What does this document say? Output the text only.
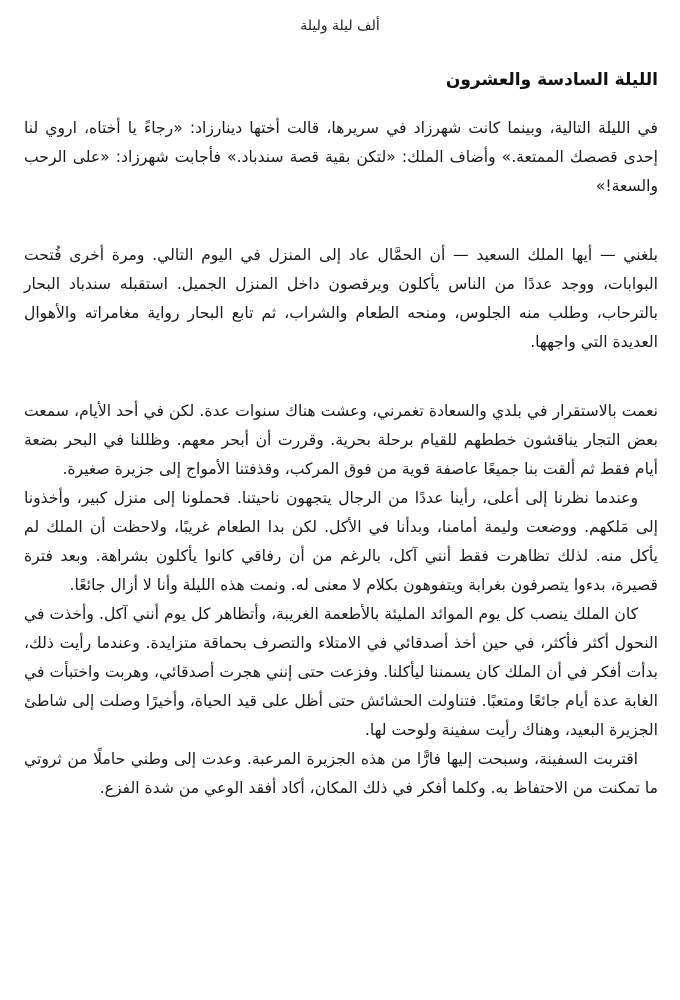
ألف ليلة وليلة
الليلة السادسة والعشرون

في الليلة التالية، وبينما كانت شهرزاد في سريرها، قالت أختها دينارزاد: «رجاءً يا أختاه، اروي لنا إحدى قصصك الممتعة.» وأضاف الملك: «لتكن بقية قصة سندباد.» فأجابت شهرزاد: «على الرحب والسعة!»

بلغني — أيها الملك السعيد — أن الحمَّال عاد إلى المنزل في اليوم التالي. ومرة أخرى فُتحت البوابات، ووجد عددًا من الناس يأكلون ويرقصون داخل المنزل الجميل. استقبله سندباد البحار بالترحاب، وطلب منه الجلوس، ومنحه الطعام والشراب، ثم تابع البحار رواية مغامراته والأهوال العديدة التي واجهها.

نعمت بالاستقرار في بلدي والسعادة تغمرني، وعشت هناك سنوات عدة. لكن في أحد الأيام، سمعت بعض التجار يناقشون خططهم للقيام برحلة بحرية. وقررت أن أبحر معهم. وظللنا في البحر بضعة أيام فقط ثم ألقت بنا جميعًا عاصفة قوية من فوق المركب، وقذفتنا الأمواج إلى جزيرة صغيرة.

وعندما نظرنا إلى أعلى، رأينا عددًا من الرجال يتجهون ناحيتنا. فحملونا إلى منزل كبير، وأخذونا إلى مَلكهم. ووضعت وليمة أمامنا، وبدأنا في الأكل. لكن بدا الطعام غريبًا، ولاحظت أن الملك لم يأكل منه. لذلك تظاهرت فقط أنني آكل، بالرغم من أن رفاقي كانوا يأكلون بشراهة. وبعد فترة قصيرة، بدءوا يتصرفون بغرابة ويتفوهون بكلام لا معنى له. ونمت هذه الليلة وأنا لا أزال جائعًا.

كان الملك ينصب كل يوم الموائد المليئة بالأطعمة الغريبة، وأتظاهر كل يوم أنني آكل. وأخذت في النحول أكثر فأكثر، في حين أخذ أصدقائي في الامتلاء والتصرف بحماقة متزايدة. وعندما رأيت ذلك، بدأت أفكر في أن الملك كان يسمننا ليأكلنا. وفزعت حتى إنني هجرت أصدقائي، وهربت واختبأت في الغابة عدة أيام جائعًا ومتعبًا. فتناولت الحشائش حتى أظل على قيد الحياة، وأخيرًا وصلت إلى شاطئ الجزيرة البعيد، وهناك رأيت سفينة ولوحت لها.

اقتربت السفينة، وسبحت إليها فارًّا من هذه الجزيرة المرعبة. وعدت إلى وطني حاملًا من ثروتي ما تمكنت من الاحتفاظ به. وكلما أفكر في ذلك المكان، أكاد أفقد الوعي من شدة الفزع.
